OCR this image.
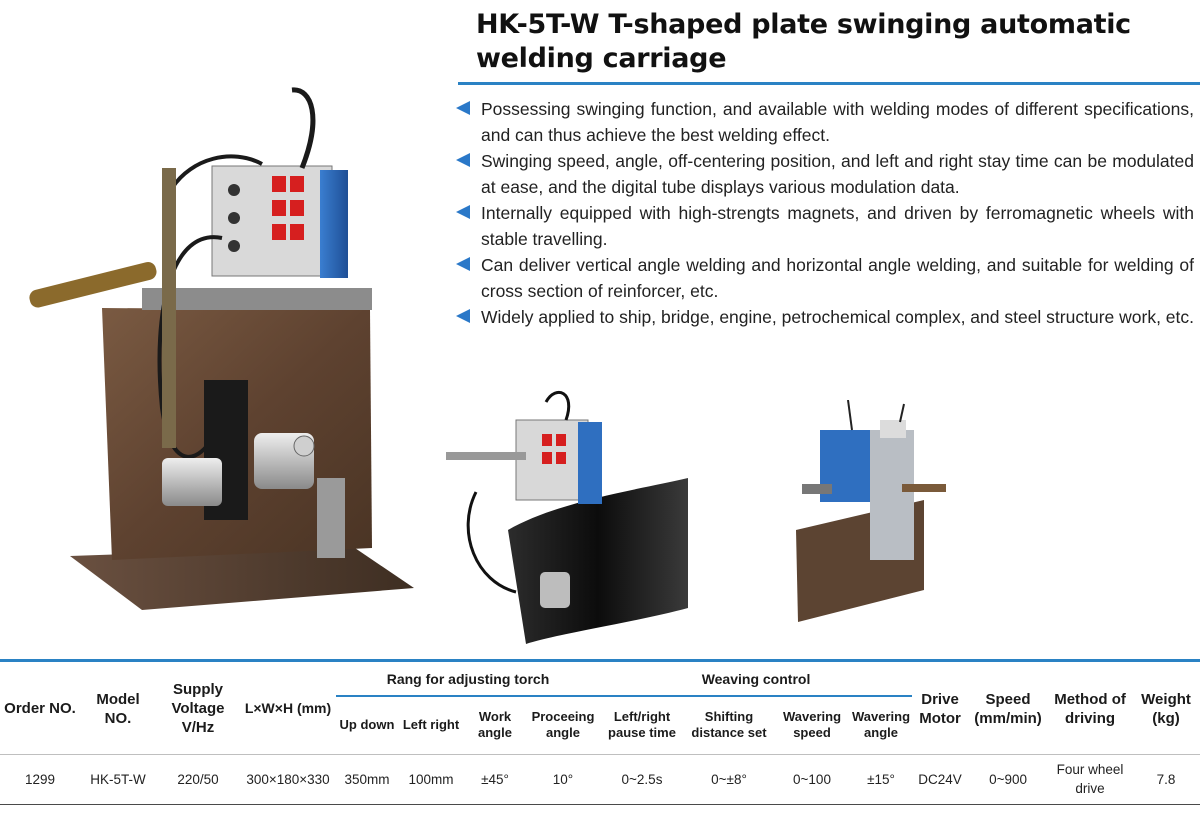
HK-5T-W T-shaped plate swinging automatic welding carriage
Possessing swinging function, and available with welding modes of different specifications, and can thus achieve the best welding effect.
Swinging speed, angle, off-centering position, and left and right stay time can be modulated at ease, and the digital tube displays various modulation data.
Internally equipped with high-strengts magnets, and driven by ferromagnetic wheels with stable travelling.
Can deliver vertical angle welding and horizontal angle welding, and suitable for welding of cross section of reinforcer, etc.
Widely applied to ship, bridge, engine, petrochemical complex, and steel structure work, etc.
Order NO.	Model NO.	Supply Voltage V/Hz	L×W×H (mm)	Rang for adjusting torch				Weaving control				Drive Motor	Speed (mm/min)	Method of driving	Weight (kg)
				Up down	Left right	Work angle	Proceeing angle	Left/right pause time	Shifting distance set	Wavering speed	Wavering angle				
1299	HK-5T-W	220/50	300×180×330	350mm	100mm	±45°	10°	0~2.5s	0~±8°	0~100	±15°	DC24V	0~900	Four wheel drive	7.8
